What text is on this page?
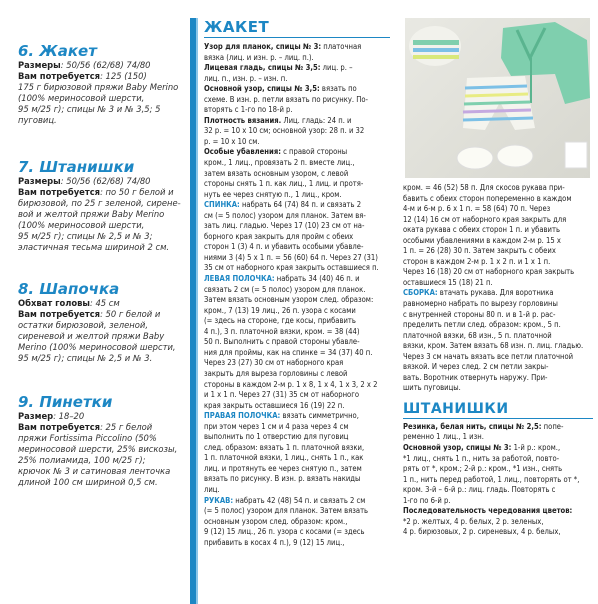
6. Жакет
Размеры: 50/56 (62/68) 74/80
Вам потребуется: 125 (150)
175 г бирюзовой пряжи Baby Merino
(100% мериносовой шерсти,
95 м/25 г); спицы № 3 и № 3,5; 5
пуговиц.
7. Штанишки
Размеры: 50/56 (62/68) 74/80
Вам потребуется: по 50 г белой и
бирюзовой, по 25 г зеленой, сирене-
вой и желтой пряжи Baby Merino
(100% мериносовой шерсти,
95 м/25 г); спицы № 2,5 и № 3;
эластичная тесьма шириной 2 см.
8. Шапочка
Обхват головы: 45 см
Вам потребуется: 50 г белой и
остатки бирюзовой, зеленой,
сиреневой и желтой пряжи Baby
Merino (100% мериносовой шерсти,
95 м/25 г); спицы № 2,5 и № 3.
9. Пинетки
Размер: 18–20
Вам потребуется: 25 г белой
пряжи Fortissima Piccolino (50%
мериносовой шерсти, 25% вискозы,
25% полиамида, 100 м/25 г);
крючок № 3 и сатиновая ленточка
длиной 100 см шириной 0,5 см.
ЖАКЕТ
Узор для планок, спицы № 3: платочная
вязка (лиц. и изн. р. – лиц. п.).
Лицевая гладь, спицы № 3,5: лиц. р. –
лиц. п., изн. р. – изн. п.
Основной узор, спицы № 3,5: вязать по
схеме. В изн. р. петли вязать по рисунку. По-
вторять с 1-го по 18-й р.
Плотность вязания. Лиц. гладь: 24 п. и
32 р. = 10 х 10 см; основной узор: 28 п. и 32
р. = 10 х 10 см.
Особые убавления: с правой стороны
кром., 1 лиц., провязать 2 п. вместе лиц.,
затем вязать основным узором, с левой
стороны снять 1 п. как лиц., 1 лиц. и протя-
нуть ее через снятую п., 1 лиц., кром.
СПИНКА: набрать 64 (74) 84 п. и связать 2
см (= 5 полос) узором для планок. Затем вя-
зать лиц. гладью. Через 17 (10) 23 см от на-
борного края закрыть для пройм с обеих
сторон 1 (3) 4 п. и убавить особыми убавле-
ниями 3 (4) 5 х 1 п. = 56 (60) 64 п. Через 27 (31)
35 см от наборного края закрыть оставшиеся п.
ЛЕВАЯ ПОЛОЧКА: набрать 34 (40) 46 п. и
связать 2 см (= 5 полос) узором для планок.
Затем вязать основным узором след. образом:
кром., 7 (13) 19 лиц., 26 п. узора с косами
(= здесь на стороне, где косы, прибавить
4 п.), 3 п. платочной вязки, кром. = 38 (44)
50 п. Выполнить с правой стороны убавле-
ния для проймы, как на спинке = 34 (37) 40 п.
Через 23 (27) 30 см от наборного края
закрыть для выреза горловины с левой
стороны в каждом 2-м р. 1 х 8, 1 х 4, 1 х 3, 2 х 2
и 1 х 1 п. Через 27 (31) 35 см от наборного
края закрыть оставшиеся 16 (19) 22 п.
ПРАВАЯ ПОЛОЧКА: вязать симметрично,
при этом через 1 см и 4 раза через 4 см
выполнить по 1 отверстию для пуговиц
след. образом: вязать 1 п. платочной вязки,
1 п. платочной вязки, 1 лиц., снять 1 п., как
лиц. и протянуть ее через снятую п., затем
вязать по рисунку. В изн. р. вязать накиды
лиц.
РУКАВ: набрать 42 (48) 54 п. и связать 2 см
(= 5 полос) узором для планок. Затем вязать
основным узором след. образом: кром.,
9 (12) 15 лиц., 26 п. узора с косами (= здесь
прибавить в косах 4 п.), 9 (12) 15 лиц.,
кром. = 46 (52) 58 п. Для скосов рукава при-
бавить с обеих сторон попеременно в каждом
4-м и 6-м р. 6 х 1 п. = 58 (64) 70 п. Через
12 (14) 16 см от наборного края закрыть для
оката рукава с обеих сторон 1 п. и убавить
особыми убавлениями в каждом 2-м р. 15 х
1 п. = 26 (28) 30 п. Затем закрыть с обеих
сторон в каждом 2-м р. 1 х 2 п. и 1 х 1 п.
Через 16 (18) 20 см от наборного края закрыть
оставшиеся 15 (18) 21 п.
СБОРКА: втачать рукава. Для воротника
равномерно набрать по вырезу горловины
с внутренней стороны 80 п. и в 1-й р. рас-
пределить петли след. образом: кром., 5 п.
платочной вязки, 68 изн., 5 п. платочной
вязки, кром. Затем вязать 68 изн. п. лиц. гладью.
Через 3 см начать вязать все петли платочной
вязкой. И через след. 2 см петли закры-
вать. Воротник отвернуть наружу. При-
шить пуговицы.
ШТАНИШКИ
Резинка, белая нить, спицы № 2,5: попе-
ременно 1 лиц., 1 изн.
Основной узор, спицы № 3: 1-й р.: кром.,
*1 лиц., снять 1 п., нить за работой, повто-
рять от *, кром.; 2-й р.: кром., *1 изн., снять
1 п., нить перед работой, 1 лиц., повторять от *,
кром. 3-й – 6-й р.: лиц. гладь. Повторять с
1-го по 6-й р.
Последовательность чередования цветов:
*2 р. желтых, 4 р. белых, 2 р. зеленых,
4 р. бирюзовых, 2 р. сиреневых, 4 р. белых,
